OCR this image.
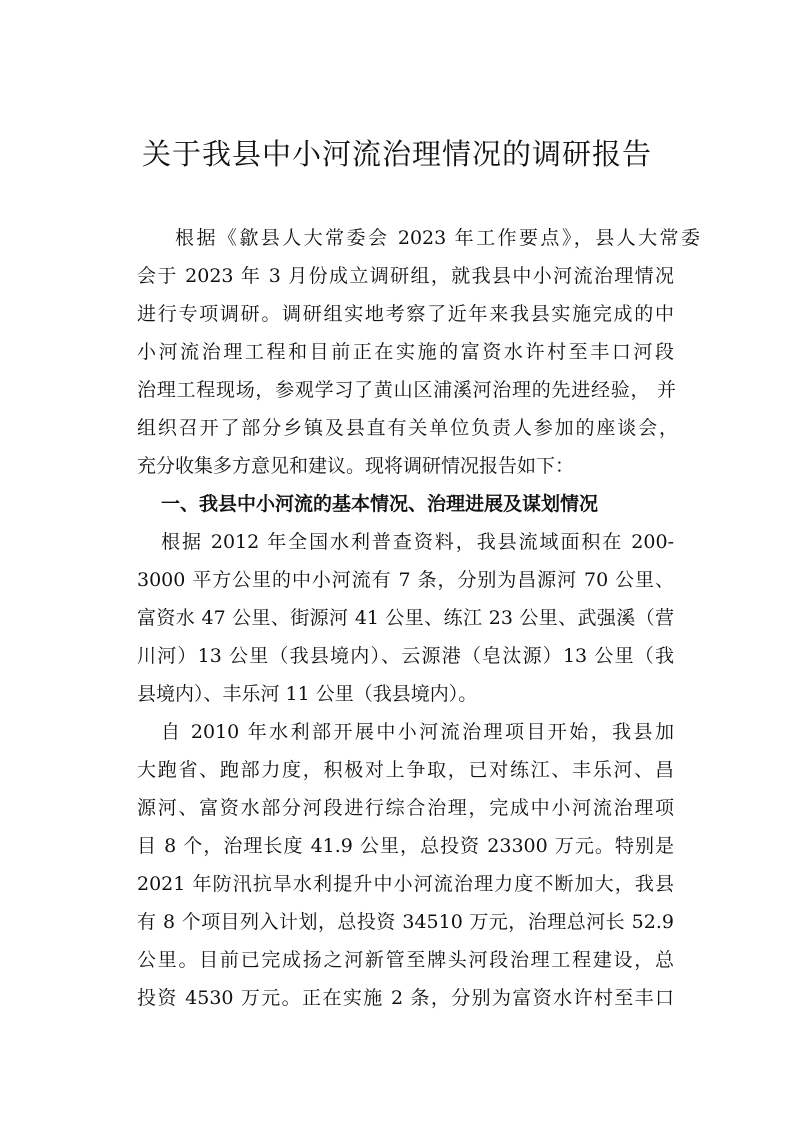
关于我县中小河流治理情况的调研报告
根据《歙县人大常委会 2023 年工作要点》，县人大常委
会于 2023 年 3 月份成立调研组，就我县中小河流治理情况
进行专项调研。调研组实地考察了近年来我县实施完成的中
小河流治理工程和目前正在实施的富资水许村至丰口河段
治理工程现场，参观学习了黄山区浦溪河治理的先进经验， 并
组织召开了部分乡镇及县直有关单位负责人参加的座谈会，
充分收集多方意见和建议。现将调研情况报告如下：
一、我县中小河流的基本情况、治理进展及谋划情况
根据 2012 年全国水利普查资料，我县流域面积在 200-
3000 平方公里的中小河流有 7 条，分别为昌源河 70 公里、
富资水 47 公里、街源河 41 公里、练江 23 公里、武强溪（营
川河）13 公里（我县境内）、云源港（皂汰源）13 公里（我
县境内）、丰乐河 11 公里（我县境内）。
自 2010 年水利部开展中小河流治理项目开始，我县加
大跑省、跑部力度，积极对上争取，已对练江、丰乐河、昌
源河、富资水部分河段进行综合治理，完成中小河流治理项
目 8 个，治理长度 41.9 公里，总投资 23300 万元。特别是
2021 年防汛抗旱水利提升中小河流治理力度不断加大，我县
有 8 个项目列入计划，总投资 34510 万元，治理总河长 52.9
公里。目前已完成扬之河新管至牌头河段治理工程建设，总
投资 4530 万元。正在实施 2 条，分别为富资水许村至丰口
